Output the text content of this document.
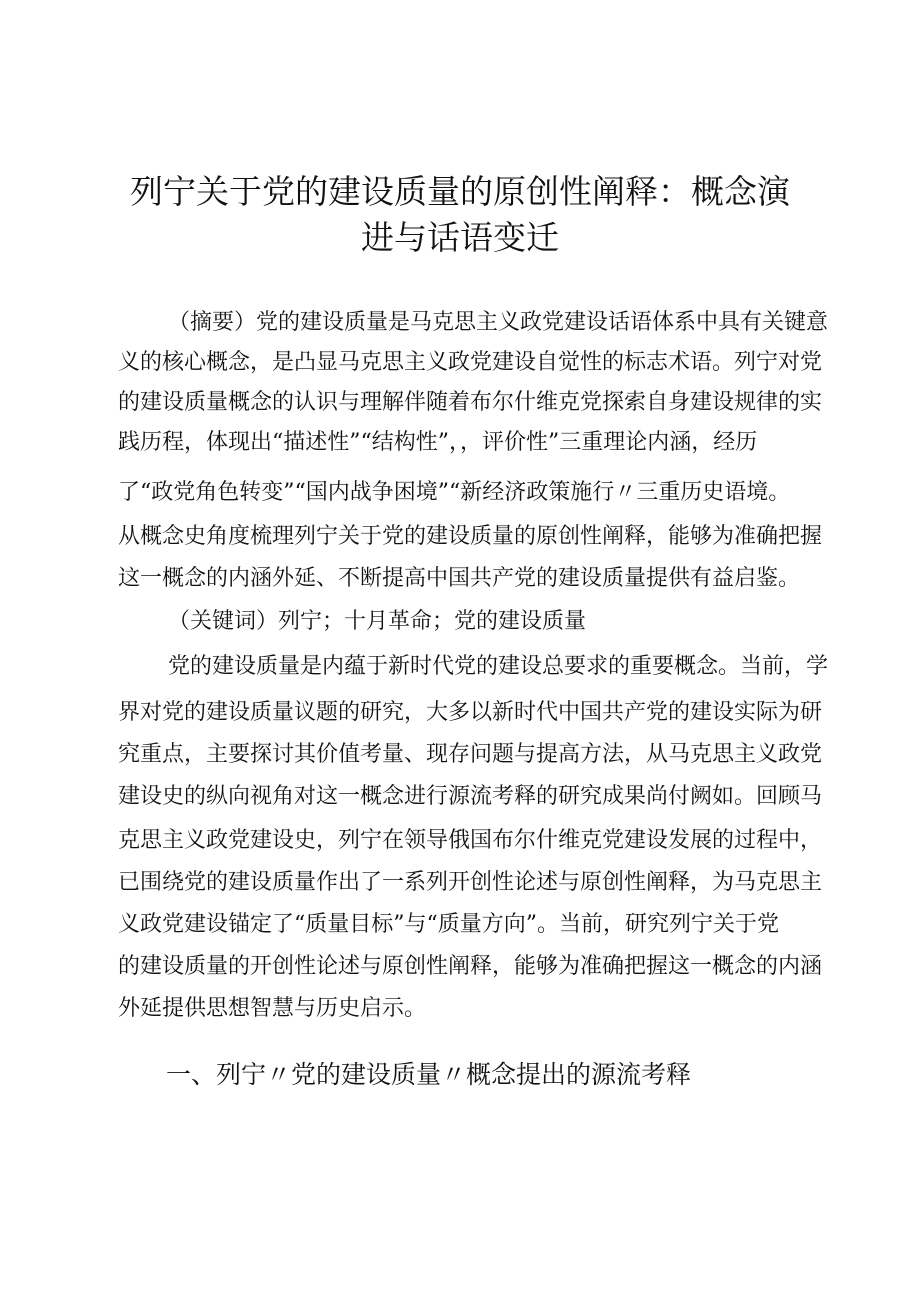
列宁关于党的建设质量的原创性阐释：概念演
进与话语变迁
（摘要）党的建设质量是马克思主义政党建设话语体系中具有关键意
义的核心概念，是凸显马克思主义政党建设自觉性的标志术语。列宁对党
的建设质量概念的认识与理解伴随着布尔什维克党探索自身建设规律的实
践历程，体现出“描述性”“结构性”，，评价性”三重理论内涵，经历
了“政党角色转变”“国内战争困境”“新经济政策施行〃三重历史语境。
从概念史角度梳理列宁关于党的建设质量的原创性阐释，能够为准确把握
这一概念的内涵外延、不断提高中国共产党的建设质量提供有益启鉴。
（关键词）列宁；十月革命；党的建设质量
党的建设质量是内蕴于新时代党的建设总要求的重要概念。当前，学
界对党的建设质量议题的研究，大多以新时代中国共产党的建设实际为研
究重点，主要探讨其价值考量、现存问题与提高方法，从马克思主义政党
建设史的纵向视角对这一概念进行源流考释的研究成果尚付阙如。回顾马
克思主义政党建设史，列宁在领导俄国布尔什维克党建设发展的过程中，
已围绕党的建设质量作出了一系列开创性论述与原创性阐释，为马克思主
义政党建设锚定了“质量目标”与“质量方向”。当前，研究列宁关于党
的建设质量的开创性论述与原创性阐释，能够为准确把握这一概念的内涵
外延提供思想智慧与历史启示。
一、列宁〃党的建设质量〃概念提出的源流考释
